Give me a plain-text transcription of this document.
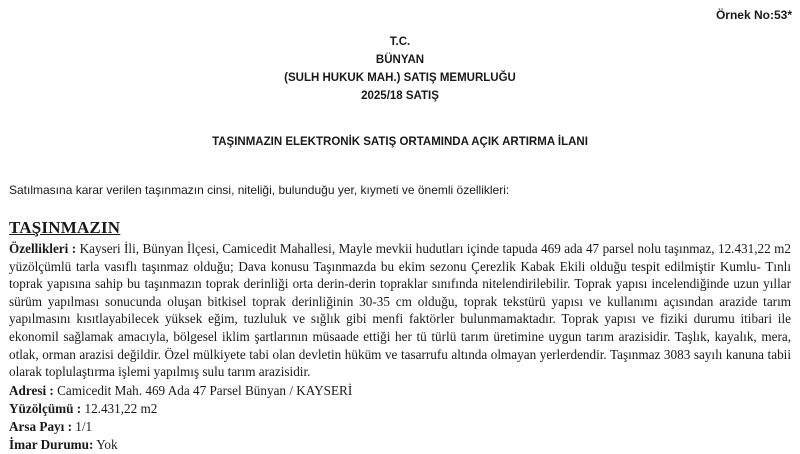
Örnek No:53*
T.C.
BÜNYAN
(SULH HUKUK MAH.) SATIŞ MEMURLUĞU
2025/18 SATIŞ
TAŞINMAZIN ELEKTRONİK SATIŞ ORTAMINDA AÇIK ARTIRMA İLANI
Satılmasına karar verilen taşınmazın cinsi, niteliği, bulunduğu yer, kıymeti ve önemli özellikleri:
TAŞINMAZIN

Özellikleri : Kayseri İli, Bünyan İlçesi, Camicedit Mahallesi, Mayle mevkii hudutları içinde tapuda 469 ada 47 parsel nolu taşınmaz, 12.431,22 m2 yüzölçümlü tarla vasıflı taşınmaz olduğu; Dava konusu Taşınmazda bu ekim sezonu Çerezlik Kabak Ekili olduğu tespit edilmiştir Kumlu- Tınlı toprak yapısına sahip bu taşınmazın toprak derinliği orta derin-derin topraklar sınıfında nitelendirilebilir. Toprak yapısı incelendiğinde uzun yıllar sürüm yapılması sonucunda oluşan bitkisel toprak derinliğinin 30-35 cm olduğu, toprak tekstürü yapısı ve kullanımı açısından arazide tarım yapılmasını kısıtlayabilecek yüksek eğim, tuzluluk ve sığlık gibi menfi faktörler bulunmamaktadır. Toprak yapısı ve fiziki durumu itibari ile ekonomil sağlamak amacıyla, bölgesel iklim şartlarının müsaade ettiği her tü türlü tarım üretimine uygun tarım arazisidir. Taşlık, kayalık, mera, otlak, orman arazisi değildir. Özel mülkiyete tabi olan devletin hüküm ve tasarrufu altında olmayan yerlerdendir. Taşınmaz 3083 sayılı kanuna tabii olarak toplulaştırma işlemi yapılmış sulu tarım arazisidir.

Adresi : Camicedit Mah. 469 Ada 47 Parsel Bünyan / KAYSERİ

Yüzölçümü : 12.431,22 m2

Arsa Payı : 1/1

İmar Durumu: Yok
